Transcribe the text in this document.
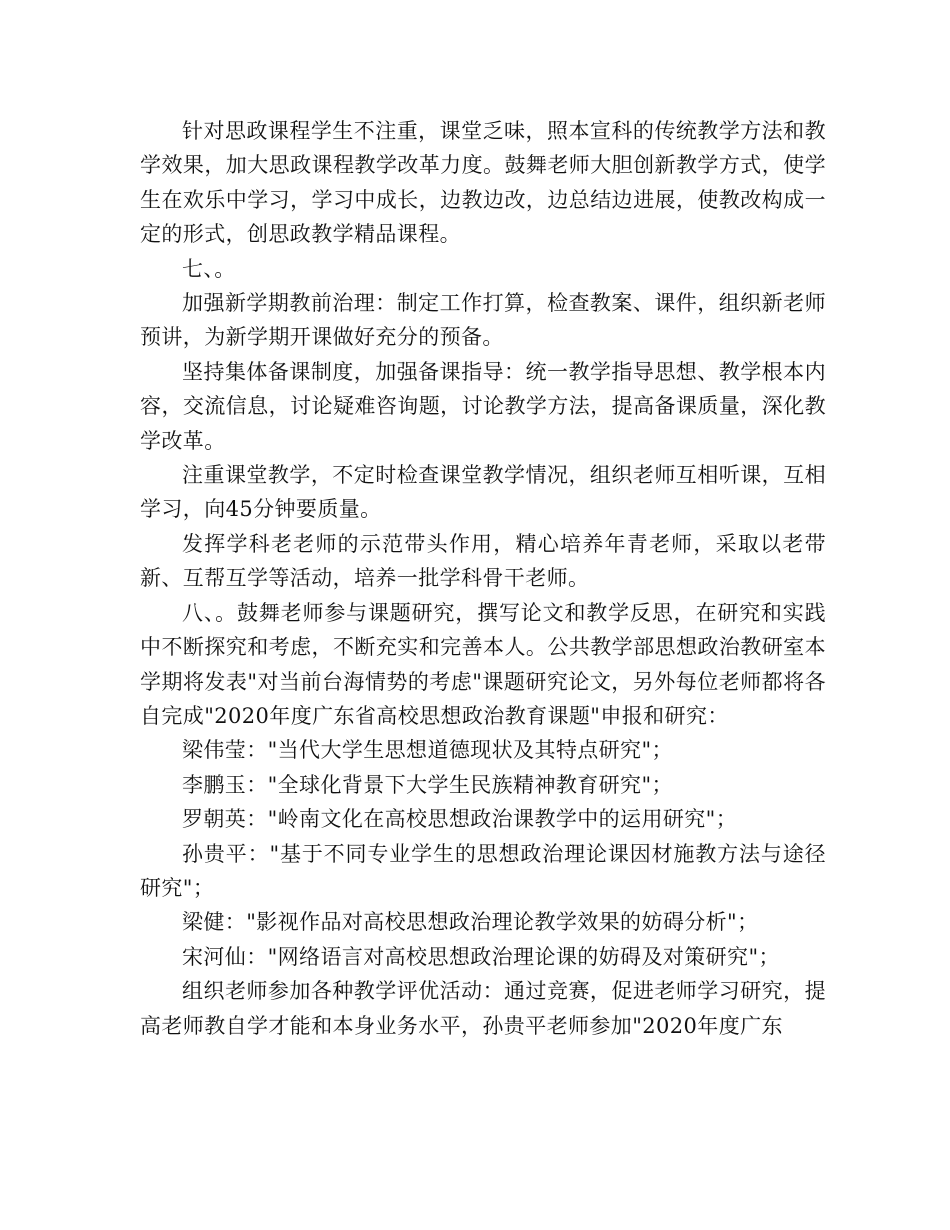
针对思政课程学生不注重，课堂乏味，照本宣科的传统教学方法和教学效果，加大思政课程教学改革力度。鼓舞老师大胆创新教学方式，使学生在欢乐中学习，学习中成长，边教边改，边总结边进展，使教改构成一定的形式，创思政教学精品课程。

七、。

加强新学期教前治理：制定工作打算，检查教案、课件，组织新老师预讲，为新学期开课做好充分的预备。

坚持集体备课制度，加强备课指导：统一教学指导思想、教学根本内容，交流信息，讨论疑难咨询题，讨论教学方法，提高备课质量，深化教学改革。

注重课堂教学，不定时检查课堂教学情况，组织老师互相听课，互相学习，向45分钟要质量。

发挥学科老老师的示范带头作用，精心培养年青老师，采取以老带新、互帮互学等活动，培养一批学科骨干老师。

八、。鼓舞老师参与课题研究，撰写论文和教学反思，在研究和实践中不断探究和考虑，不断充实和完善本人。公共教学部思想政治教研室本学期将发表"对当前台海情势的考虑"课题研究论文，另外每位老师都将各自完成"2020年度广东省高校思想政治教育课题"申报和研究：

梁伟莹："当代大学生思想道德现状及其特点研究"；

李鹏玉："全球化背景下大学生民族精神教育研究"；

罗朝英："岭南文化在高校思想政治课教学中的运用研究"；

孙贵平："基于不同专业学生的思想政治理论课因材施教方法与途径研究"；

梁健："影视作品对高校思想政治理论教学效果的妨碍分析"；

宋河仙："网络语言对高校思想政治理论课的妨碍及对策研究"；

组织老师参加各种教学评优活动：通过竞赛，促进老师学习研究，提高老师教自学才能和本身业务水平，孙贵平老师参加"2020年度广东
